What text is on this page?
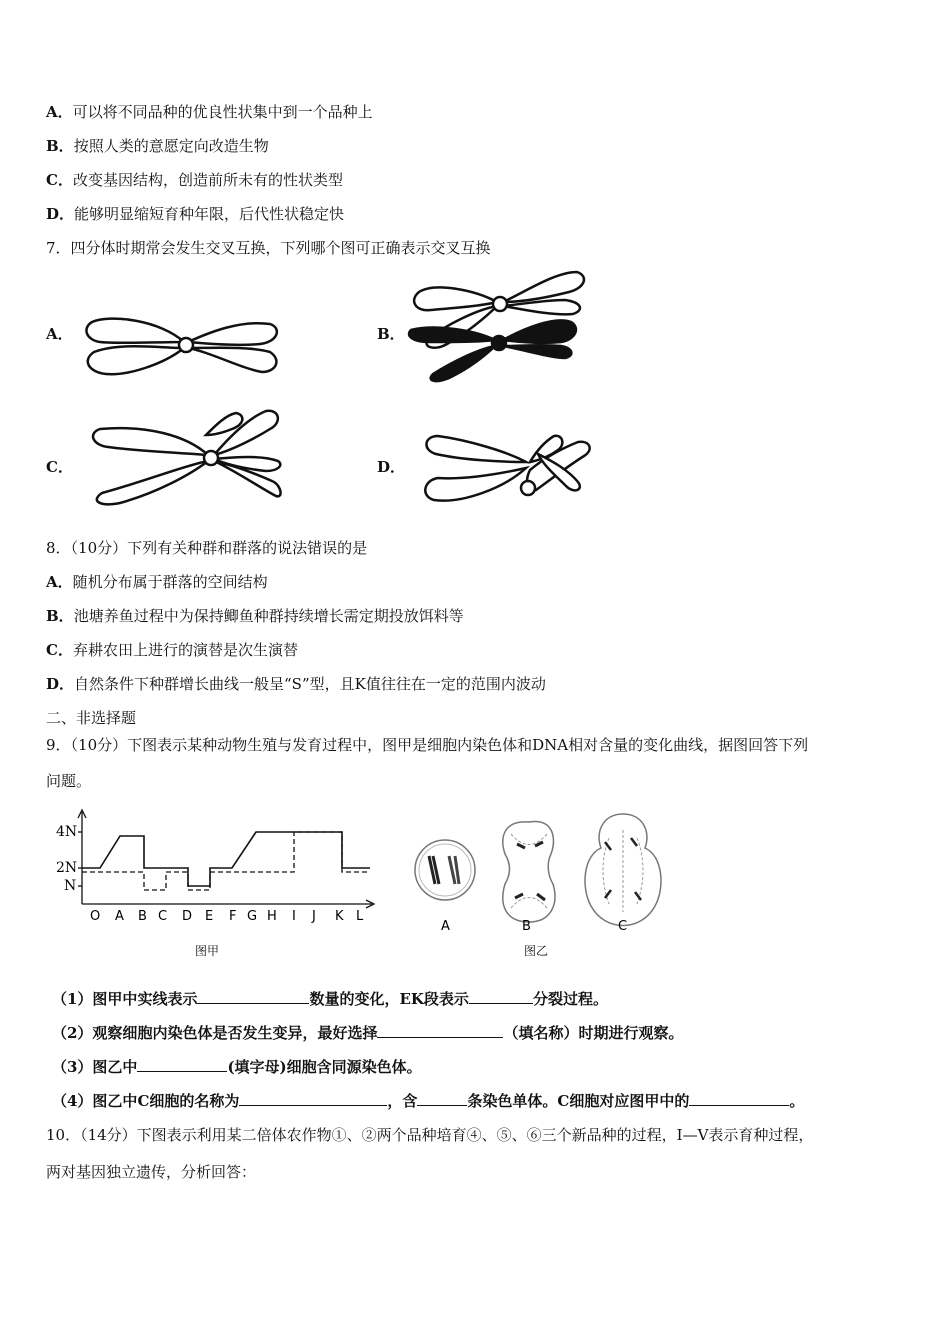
A．可以将不同品种的优良性状集中到一个品种上
B．按照人类的意愿定向改造生物
C．改变基因结构，创造前所未有的性状类型
D．能够明显缩短育种年限，后代性状稳定快
7．四分体时期常会发生交叉互换，下列哪个图可正确表示交叉互换
A．	B．
C．	D．
8．（10分）下列有关种群和群落的说法错误的是
A．随机分布属于群落的空间结构
B．池塘养鱼过程中为保持鲫鱼种群持续增长需定期投放饵料等
C．弃耕农田上进行的演替是次生演替
D．自然条件下种群增长曲线一般呈“S”型，且K值往往在一定的范围内波动
二、非选择题
9．（10分）下图表示某种动物生殖与发育过程中，图甲是细胞内染色体和DNA相对含量的变化曲线，据图回答下列
问题。
4N
2N
N
O A B C D E F G H I J K L
图甲
A	B	C
图乙
（1）图甲中实线表示	数量的变化，EK段表示	分裂过程。
（2）观察细胞内染色体是否发生变异，最好选择	（填名称）时期进行观察。
（3）图乙中	(填字母)细胞含同源染色体。
（4）图乙中C细胞的名称为	，含	条染色单体。C细胞对应图甲中的	。
10．（14分）下图表示利用某二倍体农作物①、②两个品种培育④、⑤、⑥三个新品种的过程，Ⅰ—Ⅴ表示育种过程，
两对基因独立遗传，分析回答：
